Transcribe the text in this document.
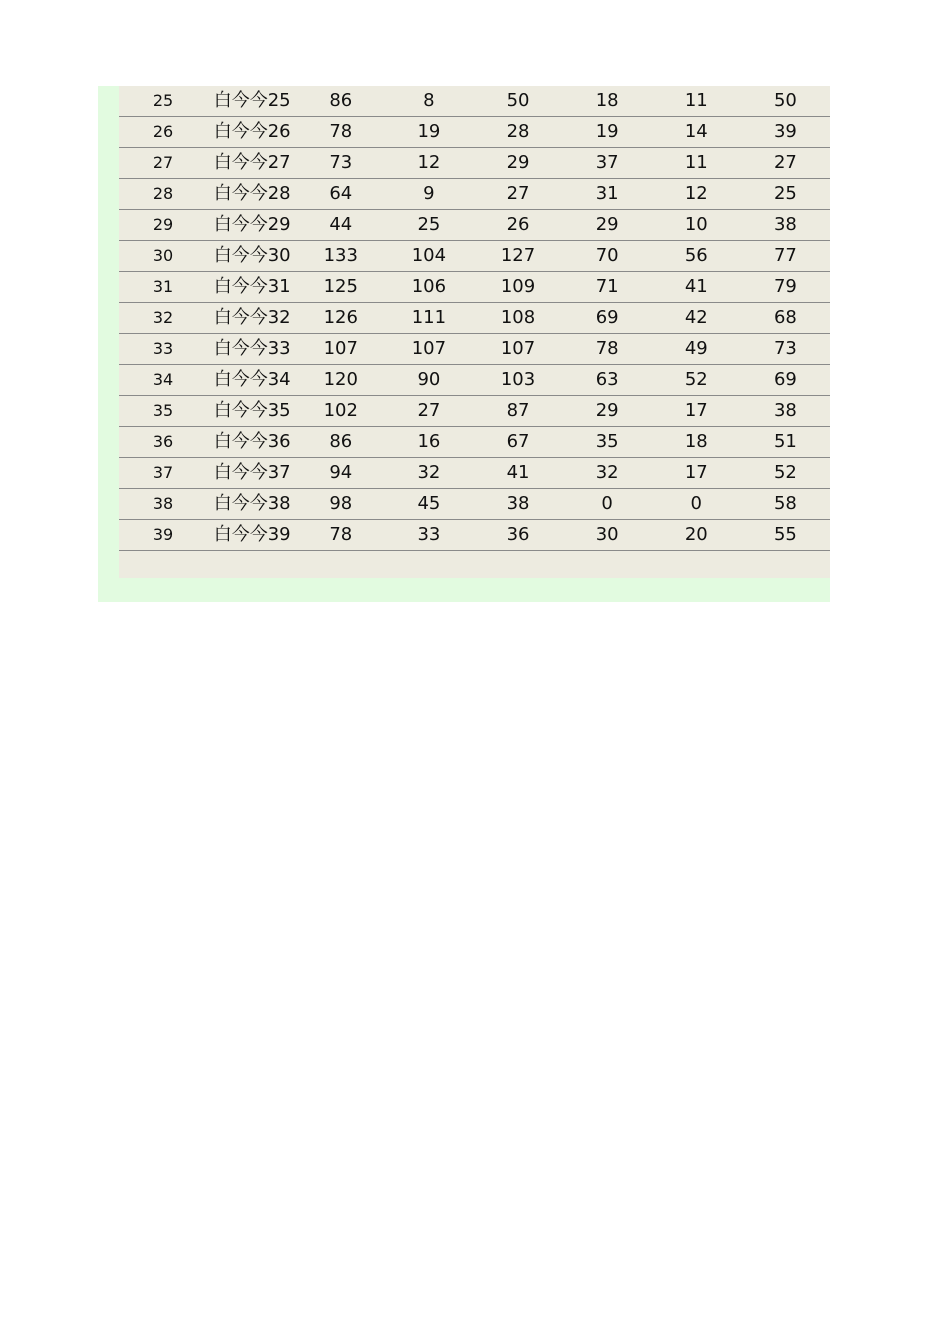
25	白今今25	86	8	50	18	11	50
26	白今今26	78	19	28	19	14	39
27	白今今27	73	12	29	37	11	27
28	白今今28	64	9	27	31	12	25
29	白今今29	44	25	26	29	10	38
30	白今今30	133	104	127	70	56	77
31	白今今31	125	106	109	71	41	79
32	白今今32	126	111	108	69	42	68
33	白今今33	107	107	107	78	49	73
34	白今今34	120	90	103	63	52	69
35	白今今35	102	27	87	29	17	38
36	白今今36	86	16	67	35	18	51
37	白今今37	94	32	41	32	17	52
38	白今今38	98	45	38	0	0	58
39	白今今39	78	33	36	30	20	55
